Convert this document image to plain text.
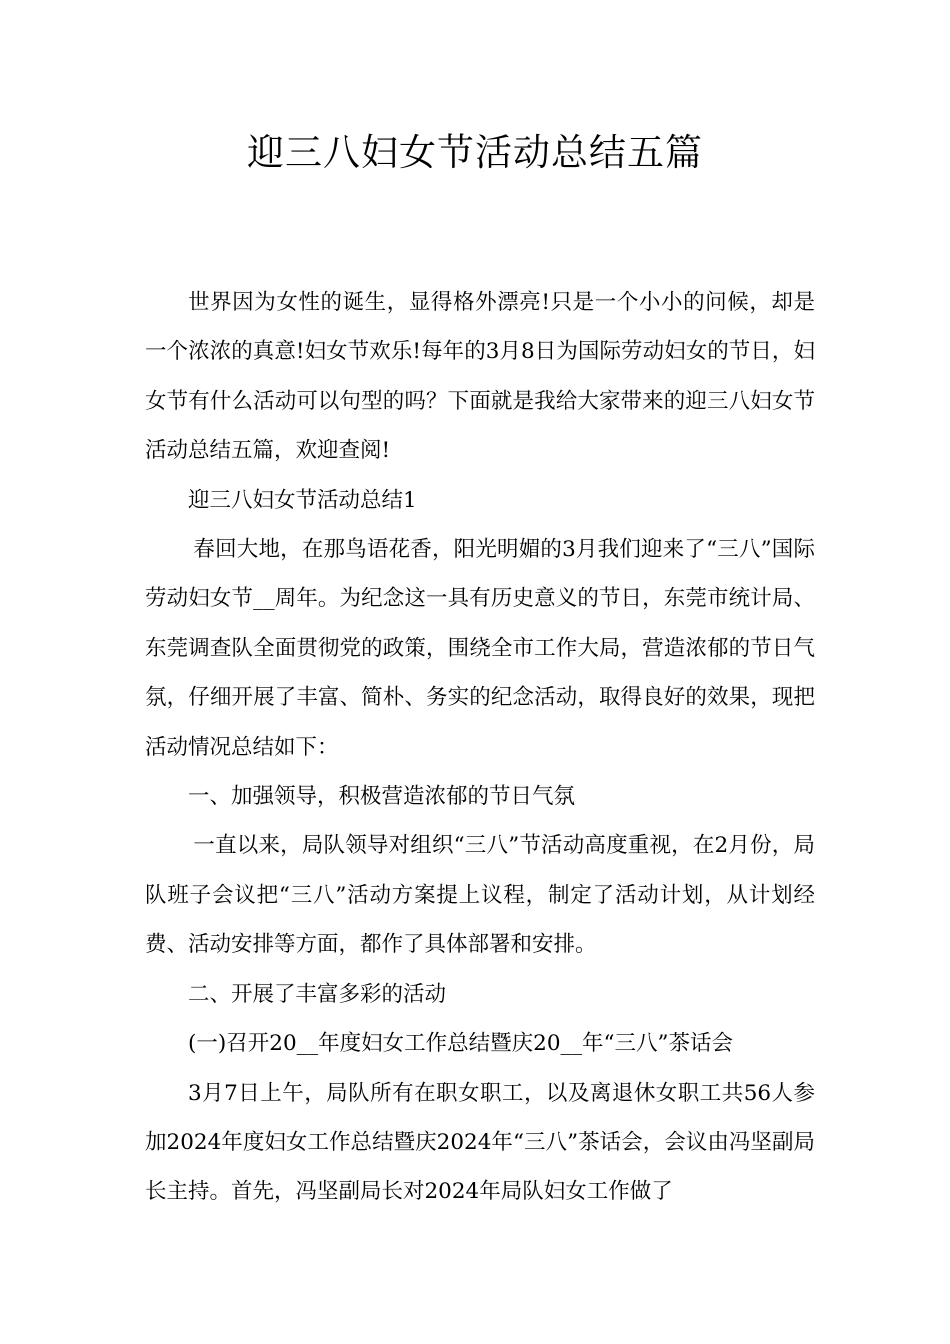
迎三八妇女节活动总结五篇

世界因为女性的诞生，显得格外漂亮!只是一个小小的问候，却是一个浓浓的真意!妇女节欢乐!每年的3月8日为国际劳动妇女的节日，妇女节有什么活动可以句型的吗？下面就是我给大家带来的迎三八妇女节活动总结五篇，欢迎查阅!

迎三八妇女节活动总结1

春回大地，在那鸟语花香，阳光明媚的3月我们迎来了“三八”国际劳动妇女节__周年。为纪念这一具有历史意义的节日，东莞市统计局、东莞调查队全面贯彻党的政策，围绕全市工作大局，营造浓郁的节日气氛，仔细开展了丰富、简朴、务实的纪念活动，取得良好的效果，现把活动情况总结如下：

一、加强领导，积极营造浓郁的节日气氛

一直以来，局队领导对组织“三八”节活动高度重视，在2月份，局队班子会议把“三八”活动方案提上议程，制定了活动计划，从计划经费、活动安排等方面，都作了具体部署和安排。

二、开展了丰富多彩的活动

(一)召开20__年度妇女工作总结暨庆20__年“三八”茶话会

3月7日上午，局队所有在职女职工，以及离退休女职工共56人参加2024年度妇女工作总结暨庆2024年“三八”茶话会，会议由冯坚副局长主持。首先，冯坚副局长对2024年局队妇女工作做了
